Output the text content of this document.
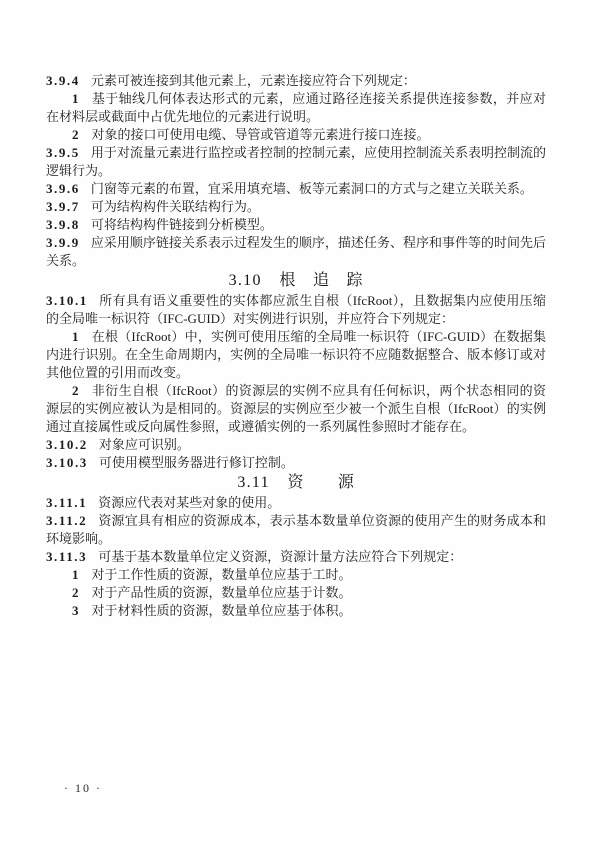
3.9.4 元素可被连接到其他元素上，元素连接应符合下列规定：

1 基于轴线几何体表达形式的元素，应通过路径连接关系提供连接参数，并应对在材料层或截面中占优先地位的元素进行说明。

2 对象的接口可使用电缆、导管或管道等元素进行接口连接。

3.9.5 用于对流量元素进行监控或者控制的控制元素，应使用控制流关系表明控制流的逻辑行为。

3.9.6 门窗等元素的布置，宜采用填充墙、板等元素洞口的方式与之建立关联关系。

3.9.7 可为结构构件关联结构行为。

3.9.8 可将结构构件链接到分析模型。

3.9.9 应采用顺序链接关系表示过程发生的顺序，描述任务、程序和事件等的时间先后关系。

3.10 根　追　踪

3.10.1 所有具有语义重要性的实体都应派生自根（IfcRoot），且数据集内应使用压缩的全局唯一标识符（IFC-GUID）对实例进行识别，并应符合下列规定：

1 在根（IfcRoot）中，实例可使用压缩的全局唯一标识符（IFC-GUID）在数据集内进行识别。在全生命周期内，实例的全局唯一标识符不应随数据整合、版本修订或对其他位置的引用而改变。

2 非衍生自根（IfcRoot）的资源层的实例不应具有任何标识，两个状态相同的资源层的实例应被认为是相同的。资源层的实例应至少被一个派生自根（IfcRoot）的实例通过直接属性或反向属性参照，或遵循实例的一系列属性参照时才能存在。

3.10.2 对象应可识别。

3.10.3 可使用模型服务器进行修订控制。

3.11 资　　源

3.11.1 资源应代表对某些对象的使用。

3.11.2 资源宜具有相应的资源成本，表示基本数量单位资源的使用产生的财务成本和环境影响。

3.11.3 可基于基本数量单位定义资源，资源计量方法应符合下列规定：

1 对于工作性质的资源，数量单位应基于工时。

2 对于产品性质的资源，数量单位应基于计数。

3 对于材料性质的资源，数量单位应基于体积。

· 10 ·
